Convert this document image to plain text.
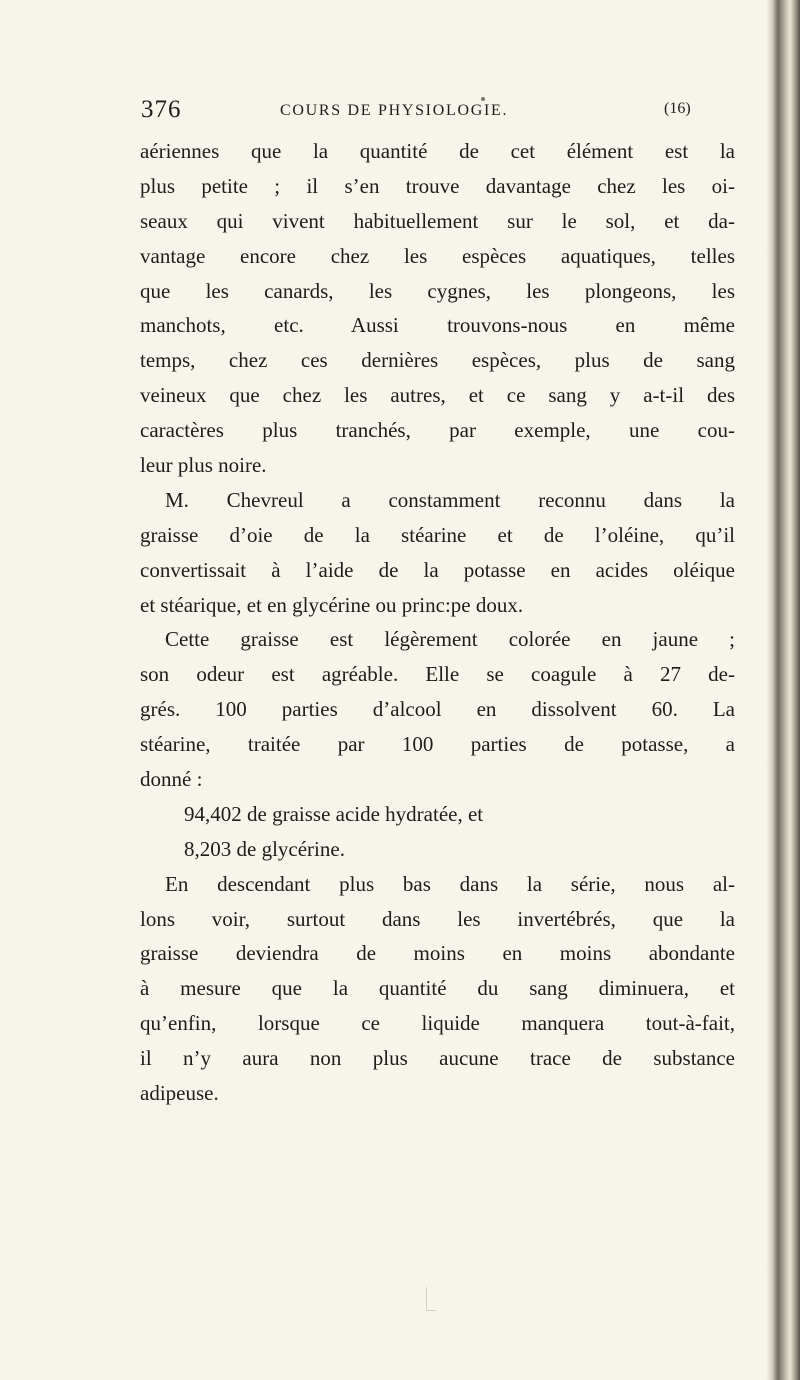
376	COURS DE PHYSIOLOGIE.	(16)
aériennes que la quantité de cet élément est la
plus petite ; il s’en trouve davantage chez les oi-
seaux qui vivent habituellement sur le sol, et da-
vantage encore chez les espèces aquatiques, telles
que les canards, les cygnes, les plongeons, les
manchots, etc. Aussi trouvons-nous en même
temps, chez ces dernières espèces, plus de sang
veineux que chez les autres, et ce sang y a-t-il des
caractères plus tranchés, par exemple, une cou-
leur plus noire.
M. Chevreul a constamment reconnu dans la
graisse d’oie de la stéarine et de l’oléine, qu’il
convertissait à l’aide de la potasse en acides oléique
et stéarique, et en glycérine ou princ:pe doux.
Cette graisse est légèrement colorée en jaune ;
son odeur est agréable. Elle se coagule à 27 de-
grés. 100 parties d’alcool en dissolvent 60. La
stéarine, traitée par 100 parties de potasse, a
donné :
94,402 de graisse acide hydratée, et
8,203 de glycérine.
En descendant plus bas dans la série, nous al-
lons voir, surtout dans les invertébrés, que la
graisse deviendra de moins en moins abondante
à mesure que la quantité du sang diminuera, et
qu’enfin, lorsque ce liquide manquera tout-à-fait,
il n’y aura non plus aucune trace de substance
adipeuse.
